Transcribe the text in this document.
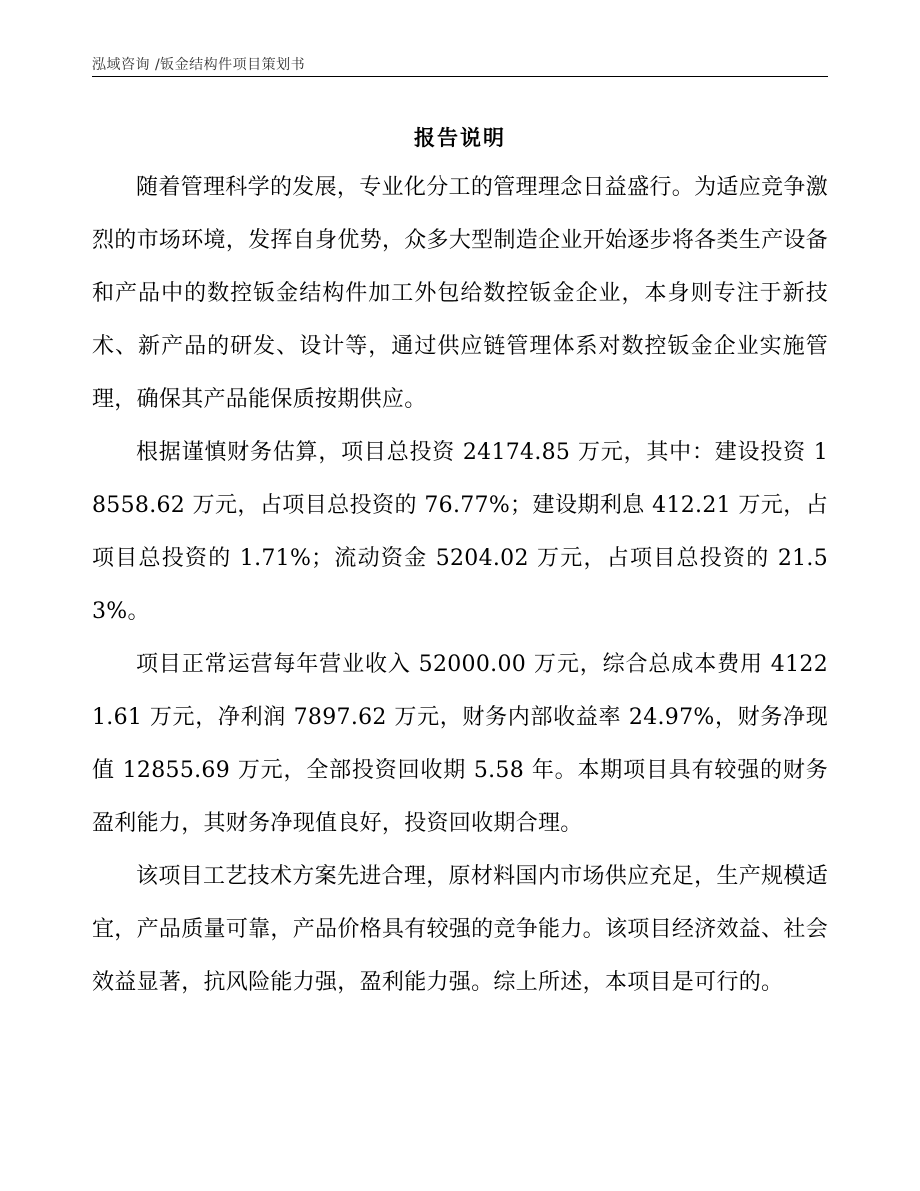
泓域咨询 /钣金结构件项目策划书
报告说明

随着管理科学的发展，专业化分工的管理理念日益盛行。为适应竞争激烈的市场环境，发挥自身优势，众多大型制造企业开始逐步将各类生产设备和产品中的数控钣金结构件加工外包给数控钣金企业，本身则专注于新技术、新产品的研发、设计等，通过供应链管理体系对数控钣金企业实施管理，确保其产品能保质按期供应。

根据谨慎财务估算，项目总投资 24174.85 万元，其中：建设投资 18558.62 万元，占项目总投资的 76.77%；建设期利息 412.21 万元，占项目总投资的 1.71%；流动资金 5204.02 万元，占项目总投资的 21.53%。

项目正常运营每年营业收入 52000.00 万元，综合总成本费用 41221.61 万元，净利润 7897.62 万元，财务内部收益率 24.97%，财务净现值 12855.69 万元，全部投资回收期 5.58 年。本期项目具有较强的财务盈利能力，其财务净现值良好，投资回收期合理。

该项目工艺技术方案先进合理，原材料国内市场供应充足，生产规模适宜，产品质量可靠，产品价格具有较强的竞争能力。该项目经济效益、社会效益显著，抗风险能力强，盈利能力强。综上所述，本项目是可行的。
